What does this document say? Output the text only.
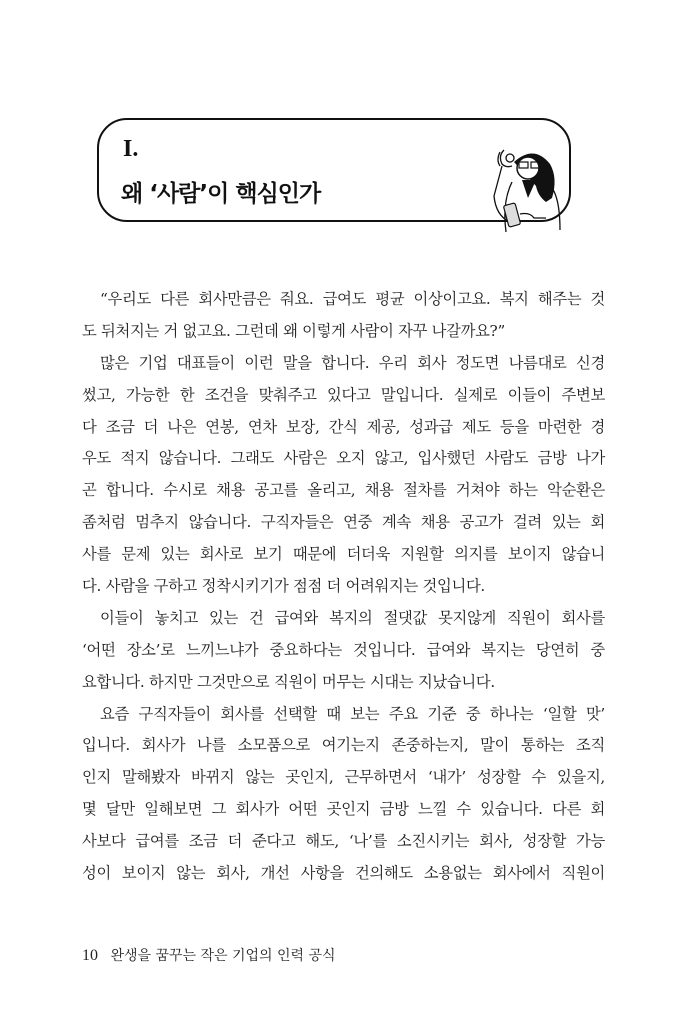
I.
왜 ‘사람’이 핵심인가
“우리도 다른 회사만큼은 줘요. 급여도 평균 이상이고요. 복지 해주는 것
도 뒤처지는 거 없고요. 그런데 왜 이렇게 사람이 자꾸 나갈까요?”
많은 기업 대표들이 이런 말을 합니다. 우리 회사 정도면 나름대로 신경
썼고, 가능한 한 조건을 맞춰주고 있다고 말입니다. 실제로 이들이 주변보
다 조금 더 나은 연봉, 연차 보장, 간식 제공, 성과급 제도 등을 마련한 경
우도 적지 않습니다. 그래도 사람은 오지 않고, 입사했던 사람도 금방 나가
곤 합니다. 수시로 채용 공고를 올리고, 채용 절차를 거쳐야 하는 악순환은
좀처럼 멈추지 않습니다. 구직자들은 연중 계속 채용 공고가 걸려 있는 회
사를 문제 있는 회사로 보기 때문에 더더욱 지원할 의지를 보이지 않습니
다. 사람을 구하고 정착시키기가 점점 더 어려워지는 것입니다.
이들이 놓치고 있는 건 급여와 복지의 절댓값 못지않게 직원이 회사를
‘어떤 장소’로 느끼느냐가 중요하다는 것입니다. 급여와 복지는 당연히 중
요합니다. 하지만 그것만으로 직원이 머무는 시대는 지났습니다.
요즘 구직자들이 회사를 선택할 때 보는 주요 기준 중 하나는 ‘일할 맛’
입니다. 회사가 나를 소모품으로 여기는지 존중하는지, 말이 통하는 조직
인지 말해봤자 바뀌지 않는 곳인지, 근무하면서 ‘내가’ 성장할 수 있을지,
몇 달만 일해보면 그 회사가 어떤 곳인지 금방 느낄 수 있습니다. 다른 회
사보다 급여를 조금 더 준다고 해도, ‘나’를 소진시키는 회사, 성장할 가능
성이 보이지 않는 회사, 개선 사항을 건의해도 소용없는 회사에서 직원이
10 완생을 꿈꾸는 작은 기업의 인력 공식
